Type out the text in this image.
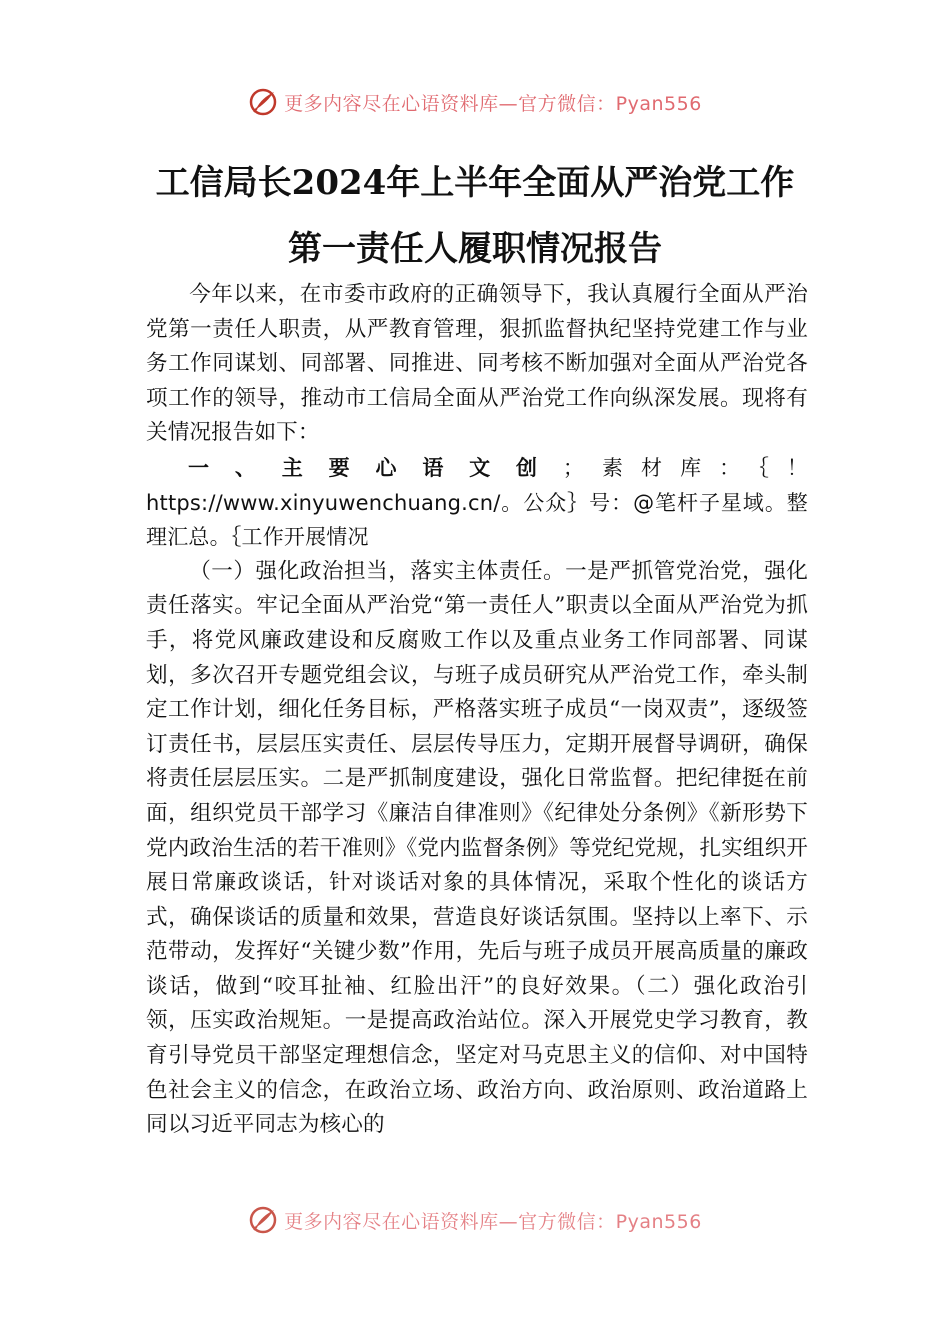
更多内容尽在心语资料库—官方微信：Pyan556
工信局长2024年上半年全面从严治党工作
第一责任人履职情况报告

今年以来，在市委市政府的正确领导下，我认真履行全面从严治党第一责任人职责，从严教育管理，狠抓监督执纪坚持党建工作与业务工作同谋划、同部署、同推进、同考核不断加强对全面从严治党各项工作的领导，推动市工信局全面从严治党工作向纵深发展。现将有关情况报告如下：

一、主要心语文创；素材库：｛！ https://www.xinyuwenchuang.cn/。公众｝号：@笔杆子星域。整理汇总。｛工作开展情况

（一）强化政治担当，落实主体责任。一是严抓管党治党，强化责任落实。牢记全面从严治党“第一责任人”职责以全面从严治党为抓手，将党风廉政建设和反腐败工作以及重点业务工作同部署、同谋划，多次召开专题党组会议，与班子成员研究从严治党工作，牵头制定工作计划，细化任务目标，严格落实班子成员“一岗双责”，逐级签订责任书，层层压实责任、层层传导压力，定期开展督导调研，确保将责任层层压实。二是严抓制度建设，强化日常监督。把纪律挺在前面，组织党员干部学习《廉洁自律准则》《纪律处分条例》《新形势下党内政治生活的若干准则》《党内监督条例》等党纪党规，扎实组织开展日常廉政谈话，针对谈话对象的具体情况，采取个性化的谈话方式，确保谈话的质量和效果，营造良好谈话氛围。坚持以上率下、示范带动，发挥好“关键少数”作用，先后与班子成员开展高质量的廉政谈话，做到“咬耳扯袖、红脸出汗”的良好效果。（二）强化政治引领，压实政治规矩。一是提高政治站位。深入开展党史学习教育，教育引导党员干部坚定理想信念，坚定对马克思主义的信仰、对中国特色社会主义的信念，在政治立场、政治方向、政治原则、政治道路上同以习近平同志为核心的

更多内容尽在心语资料库—官方微信：Pyan556
